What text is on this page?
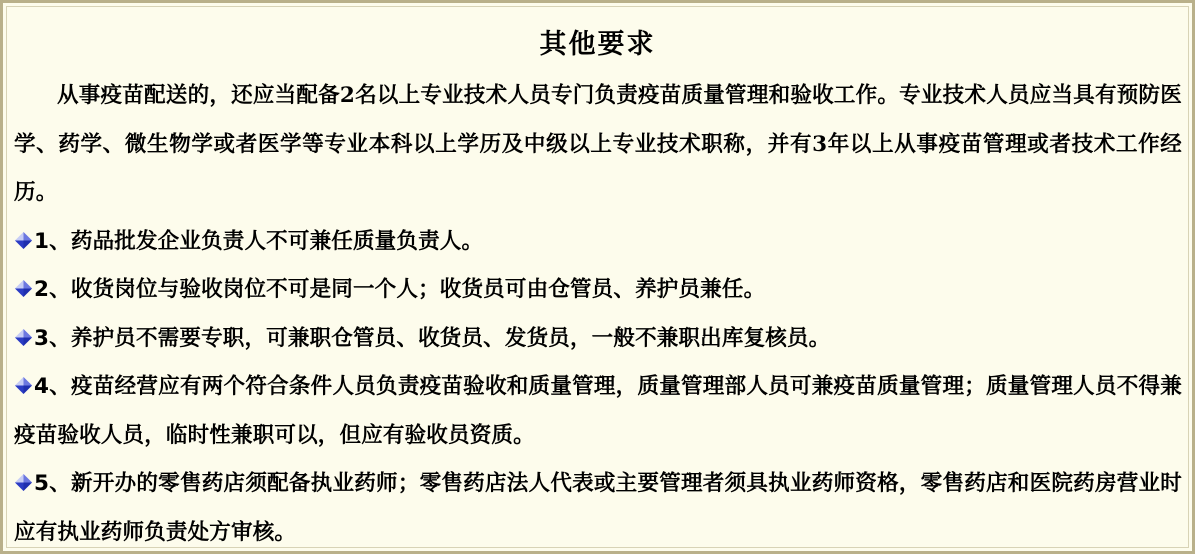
其他要求

从事疫苗配送的，还应当配备2名以上专业技术人员专门负责疫苗质量管理和验收工作。专业技术人员应当具有预防医学、药学、微生物学或者医学等专业本科以上学历及中级以上专业技术职称，并有3年以上从事疫苗管理或者技术工作经历。

1、药品批发企业负责人不可兼任质量负责人。

2、收货岗位与验收岗位不可是同一个人；收货员可由仓管员、养护员兼任。

3、养护员不需要专职，可兼职仓管员、收货员、发货员，一般不兼职出库复核员。

4、疫苗经营应有两个符合条件人员负责疫苗验收和质量管理，质量管理部人员可兼疫苗质量管理；质量管理人员不得兼疫苗验收人员，临时性兼职可以，但应有验收员资质。

5、新开办的零售药店须配备执业药师；零售药店法人代表或主要管理者须具执业药师资格，零售药店和医院药房营业时应有执业药师负责处方审核。
